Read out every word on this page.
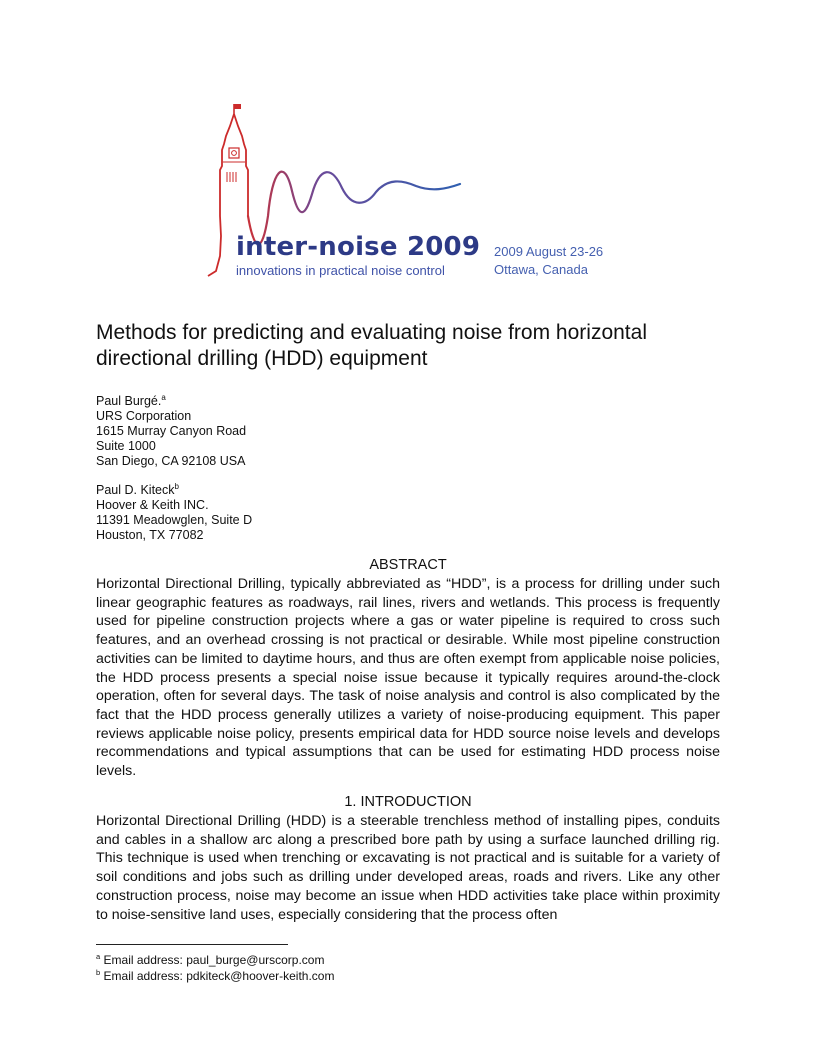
inter-noise 2009
innovations in practical noise control
2009 August 23-26
Ottawa, Canada
Methods for predicting and evaluating noise from horizontal directional drilling (HDD) equipment
Paul Burgé.$^a$
URS Corporation
1615 Murray Canyon Road
Suite 1000
San Diego, CA 92108 USA
Paul D. Kiteck$^b$
Hoover & Keith INC.
11391 Meadowglen, Suite D
Houston, TX 77082
ABSTRACT

Horizontal Directional Drilling, typically abbreviated as “HDD”, is a process for drilling under such linear geographic features as roadways, rail lines, rivers and wetlands. This process is frequently used for pipeline construction projects where a gas or water pipeline is required to cross such features, and an overhead crossing is not practical or desirable. While most pipeline construction activities can be limited to daytime hours, and thus are often exempt from applicable noise policies, the HDD process presents a special noise issue because it typically requires around-the-clock operation, often for several days. The task of noise analysis and control is also complicated by the fact that the HDD process generally utilizes a variety of noise-producing equipment. This paper reviews applicable noise policy, presents empirical data for HDD source noise levels and develops recommendations and typical assumptions that can be used for estimating HDD process noise levels.

1. INTRODUCTION

Horizontal Directional Drilling (HDD) is a steerable trenchless method of installing pipes, conduits and cables in a shallow arc along a prescribed bore path by using a surface launched drilling rig. This technique is used when trenching or excavating is not practical and is suitable for a variety of soil conditions and jobs such as drilling under developed areas, roads and rivers. Like any other construction process, noise may become an issue when HDD activities take place within proximity to noise-sensitive land uses, especially considering that the process often

$^a$ Email address: paul_burge@urscorp.com
$^b$ Email address: pdkiteck@hoover-keith.com
